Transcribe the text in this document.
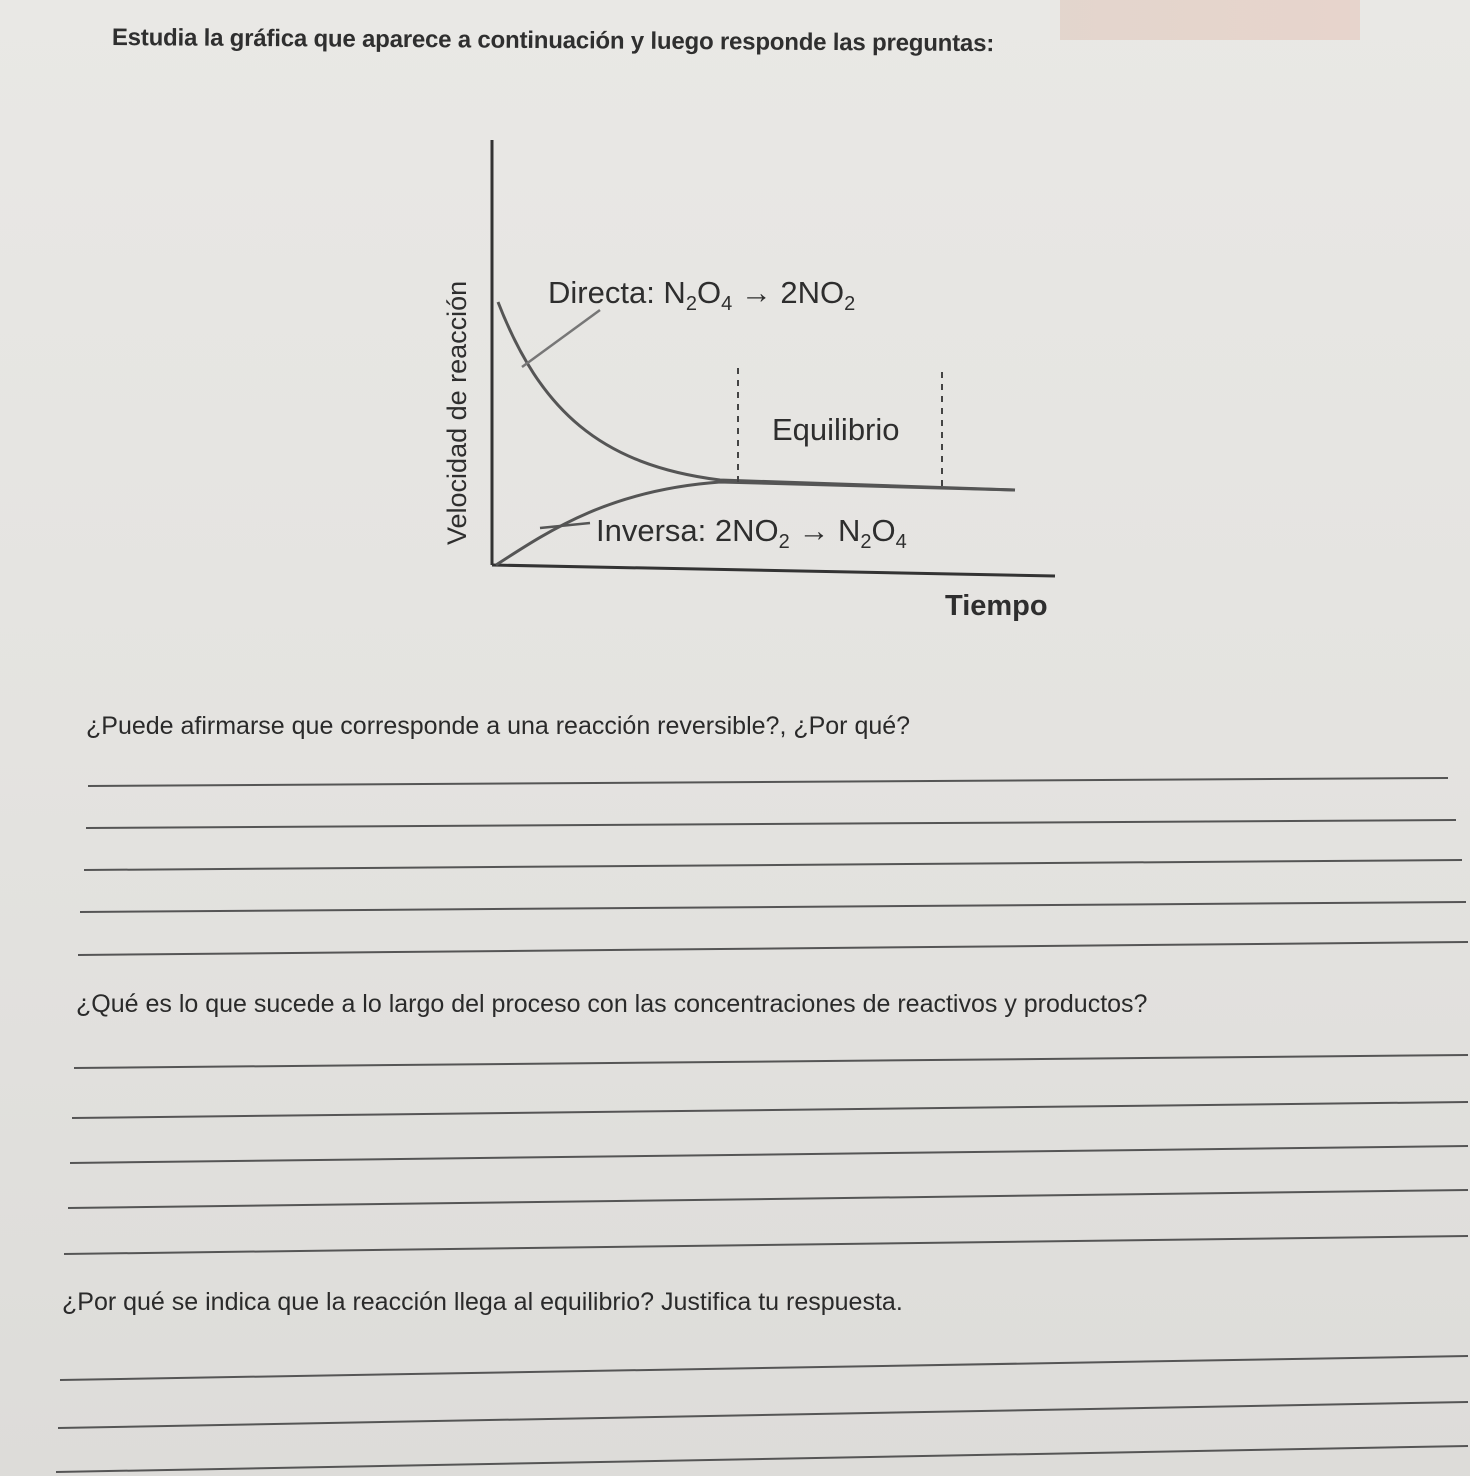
Estudia la gráfica que aparece a continuación y luego responde las preguntas:
Velocidad de reacción
Tiempo
Directa: $N_2O_4 \to 2NO_2$
Equilibrio
Inversa: $2NO_2 \to N_2O_4$
¿Puede afirmarse que corresponde a una reacción reversible?, ¿Por qué?
¿Qué es lo que sucede a lo largo del proceso con las concentraciones de reactivos y productos?
¿Por qué se indica que la reacción llega al equilibrio? Justifica tu respuesta.
